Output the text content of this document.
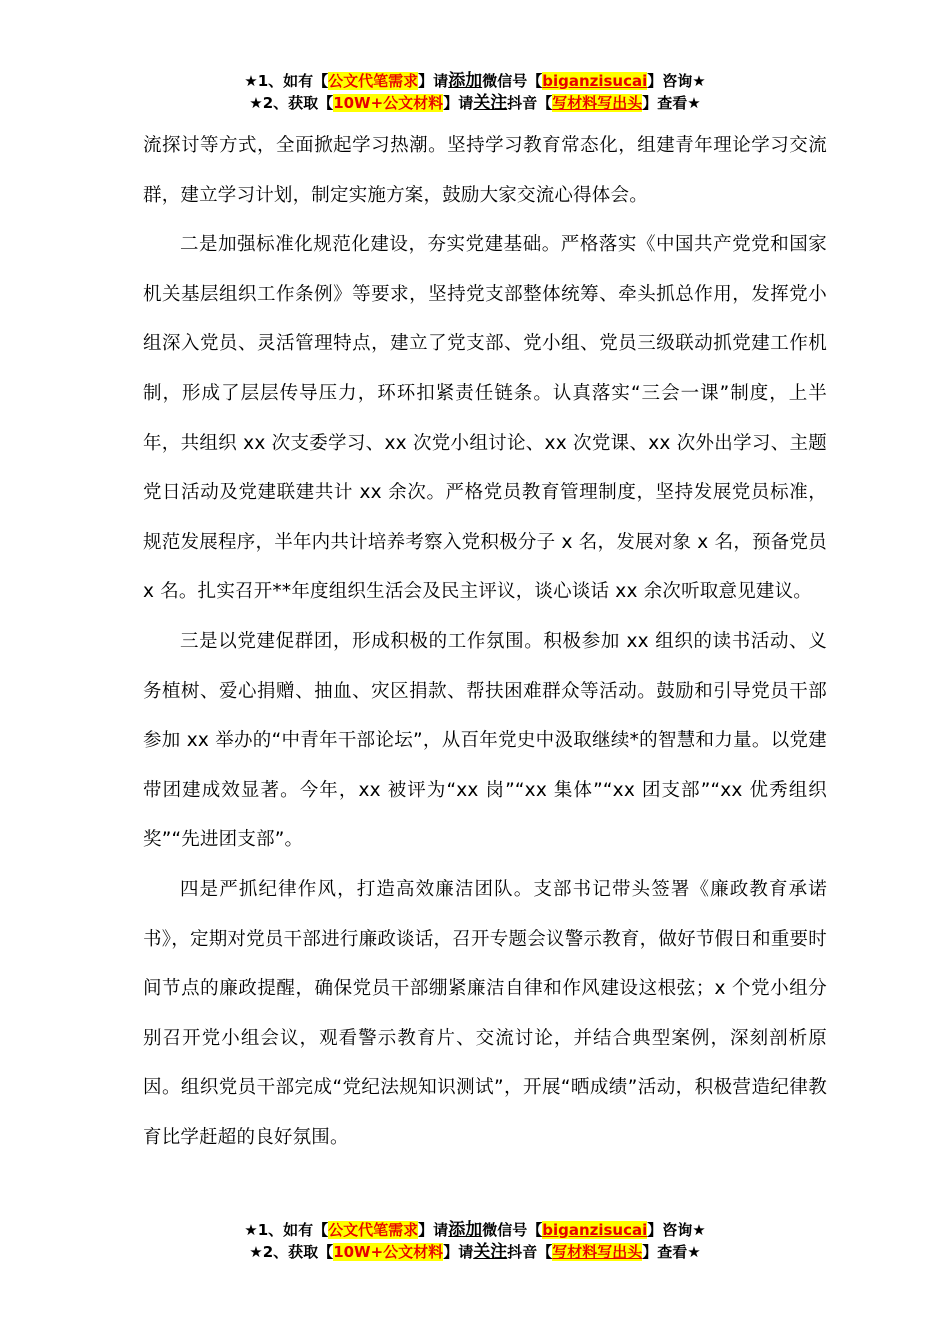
★1、如有【公文代笔需求】请添加微信号【biganzisucai】咨询★
★2、获取【10W+公文材料】请关注抖音【写材料写出头】查看★

流探讨等方式，全面掀起学习热潮。坚持学习教育常态化，组建青年理论学习交流群，建立学习计划，制定实施方案，鼓励大家交流心得体会。

二是加强标准化规范化建设，夯实党建基础。严格落实《中国共产党党和国家机关基层组织工作条例》等要求，坚持党支部整体统筹、牵头抓总作用，发挥党小组深入党员、灵活管理特点，建立了党支部、党小组、党员三级联动抓党建工作机制，形成了层层传导压力，环环扣紧责任链条。认真落实“三会一课”制度，上半年，共组织 xx 次支委学习、xx 次党小组讨论、xx 次党课、xx 次外出学习、主题党日活动及党建联建共计 xx 余次。严格党员教育管理制度，坚持发展党员标准，规范发展程序，半年内共计培养考察入党积极分子 x 名，发展对象 x 名，预备党员 x 名。扎实召开**年度组织生活会及民主评议，谈心谈话 xx 余次听取意见建议。

三是以党建促群团，形成积极的工作氛围。积极参加 xx 组织的读书活动、义务植树、爱心捐赠、抽血、灾区捐款、帮扶困难群众等活动。鼓励和引导党员干部参加 xx 举办的“中青年干部论坛”，从百年党史中汲取继续*的智慧和力量。以党建带团建成效显著。今年，xx 被评为“xx 岗”“xx 集体”“xx 团支部”“xx 优秀组织奖”“先进团支部”。

四是严抓纪律作风，打造高效廉洁团队。支部书记带头签署《廉政教育承诺书》，定期对党员干部进行廉政谈话，召开专题会议警示教育，做好节假日和重要时间节点的廉政提醒，确保党员干部绷紧廉洁自律和作风建设这根弦；x 个党小组分别召开党小组会议，观看警示教育片、交流讨论，并结合典型案例，深刻剖析原因。组织党员干部完成“党纪法规知识测试”，开展“晒成绩”活动，积极营造纪律教育比学赶超的良好氛围。

★1、如有【公文代笔需求】请添加微信号【biganzisucai】咨询★
★2、获取【10W+公文材料】请关注抖音【写材料写出头】查看★
